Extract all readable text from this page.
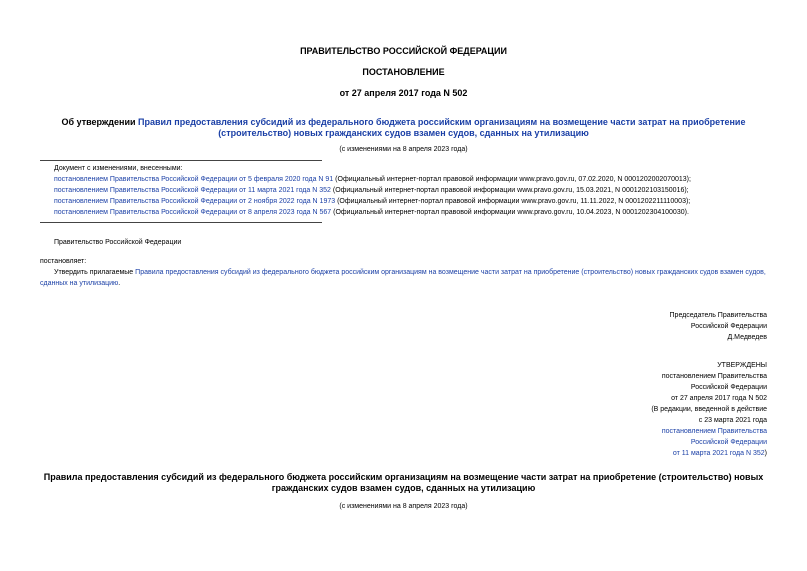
ПРАВИТЕЛЬСТВО РОССИЙСКОЙ ФЕДЕРАЦИИ
ПОСТАНОВЛЕНИЕ
от 27 апреля 2017 года N 502
Об утверждении Правил предоставления субсидий из федерального бюджета российским организациям на возмещение части затрат на приобретение (строительство) новых гражданских судов взамен судов, сданных на утилизацию
(с изменениями на 8 апреля 2023 года)
Документ с изменениями, внесенными:
постановлением Правительства Российской Федерации от 5 февраля 2020 года N 91 (Официальный интернет-портал правовой информации www.pravo.gov.ru, 07.02.2020, N 0001202002070013);
постановлением Правительства Российской Федерации от 11 марта 2021 года N 352 (Официальный интернет-портал правовой информации www.pravo.gov.ru, 15.03.2021, N 0001202103150016);
постановлением Правительства Российской Федерации от 2 ноября 2022 года N 1973 (Официальный интернет-портал правовой информации www.pravo.gov.ru, 11.11.2022, N 0001202211110003);
постановлением Правительства Российской Федерации от 8 апреля 2023 года N 567 (Официальный интернет-портал правовой информации www.pravo.gov.ru, 10.04.2023, N 0001202304100030).
Правительство Российской Федерации
постановляет:
Утвердить прилагаемые Правила предоставления субсидий из федерального бюджета российским организациям на возмещение части затрат на приобретение (строительство) новых гражданских судов взамен судов, сданных на утилизацию.
Председатель Правительства
Российской Федерации
Д.Медведев
УТВЕРЖДЕНЫ
постановлением Правительства
Российской Федерации
от 27 апреля 2017 года N 502
(В редакции, введенной в действие
с 23 марта 2021 года
постановлением Правительства
Российской Федерации
от 11 марта 2021 года N 352)
Правила предоставления субсидий из федерального бюджета российским организациям на возмещение части затрат на приобретение (строительство) новых гражданских судов взамен судов, сданных на утилизацию
(с изменениями на 8 апреля 2023 года)
